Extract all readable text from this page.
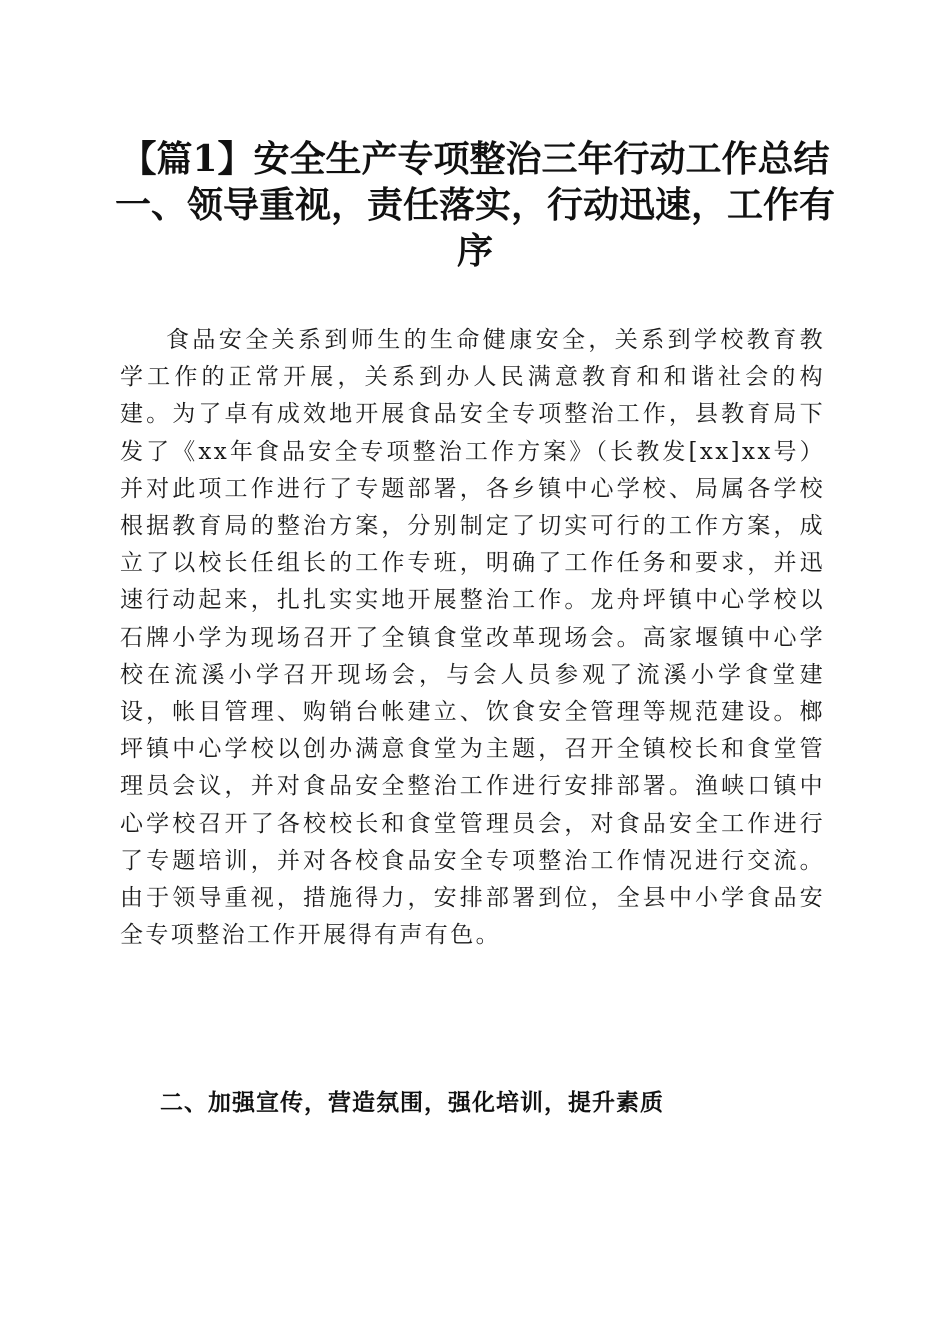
【篇1】安全生产专项整治三年行动工作总结
一、领导重视，责任落实，行动迅速，工作有
序

食品安全关系到师生的生命健康安全，关系到学校教育教学工作的正常开展，关系到办人民满意教育和和谐社会的构建。为了卓有成效地开展食品安全专项整治工作，县教育局下发了《xx年食品安全专项整治工作方案》（长教发[xx]xx号）并对此项工作进行了专题部署，各乡镇中心学校、局属各学校根据教育局的整治方案，分别制定了切实可行的工作方案，成立了以校长任组长的工作专班，明确了工作任务和要求，并迅速行动起来，扎扎实实地开展整治工作。龙舟坪镇中心学校以石牌小学为现场召开了全镇食堂改革现场会。高家堰镇中心学校在流溪小学召开现场会，与会人员参观了流溪小学食堂建设，帐目管理、购销台帐建立、饮食安全管理等规范建设。榔坪镇中心学校以创办满意食堂为主题，召开全镇校长和食堂管理员会议，并对食品安全整治工作进行安排部署。渔峡口镇中心学校召开了各校校长和食堂管理员会，对食品安全工作进行了专题培训，并对各校食品安全专项整治工作情况进行交流。由于领导重视，措施得力，安排部署到位，全县中小学食品安全专项整治工作开展得有声有色。

二、加强宣传，营造氛围，强化培训，提升素质
